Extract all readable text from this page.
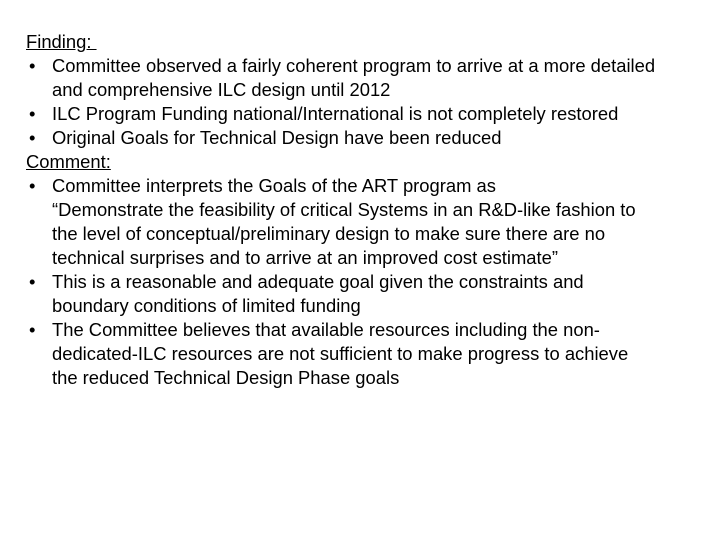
Finding:
• Committee observed a fairly coherent program to arrive at a more detailed
and comprehensive ILC design until 2012
• ILC Program Funding national/International is not completely restored
• Original Goals for Technical Design have been reduced
Comment:
• Committee interprets the Goals of the ART program as
“Demonstrate the feasibility of critical Systems in an R&D-like fashion to
the level of conceptual/preliminary design to make sure there are no
technical surprises and to arrive at an improved cost estimate”
• This is a reasonable and adequate goal given the constraints and
boundary conditions of limited funding
• The Committee believes that available resources including the non-
dedicated-ILC resources are not sufficient to make progress to achieve
the reduced Technical Design Phase goals
